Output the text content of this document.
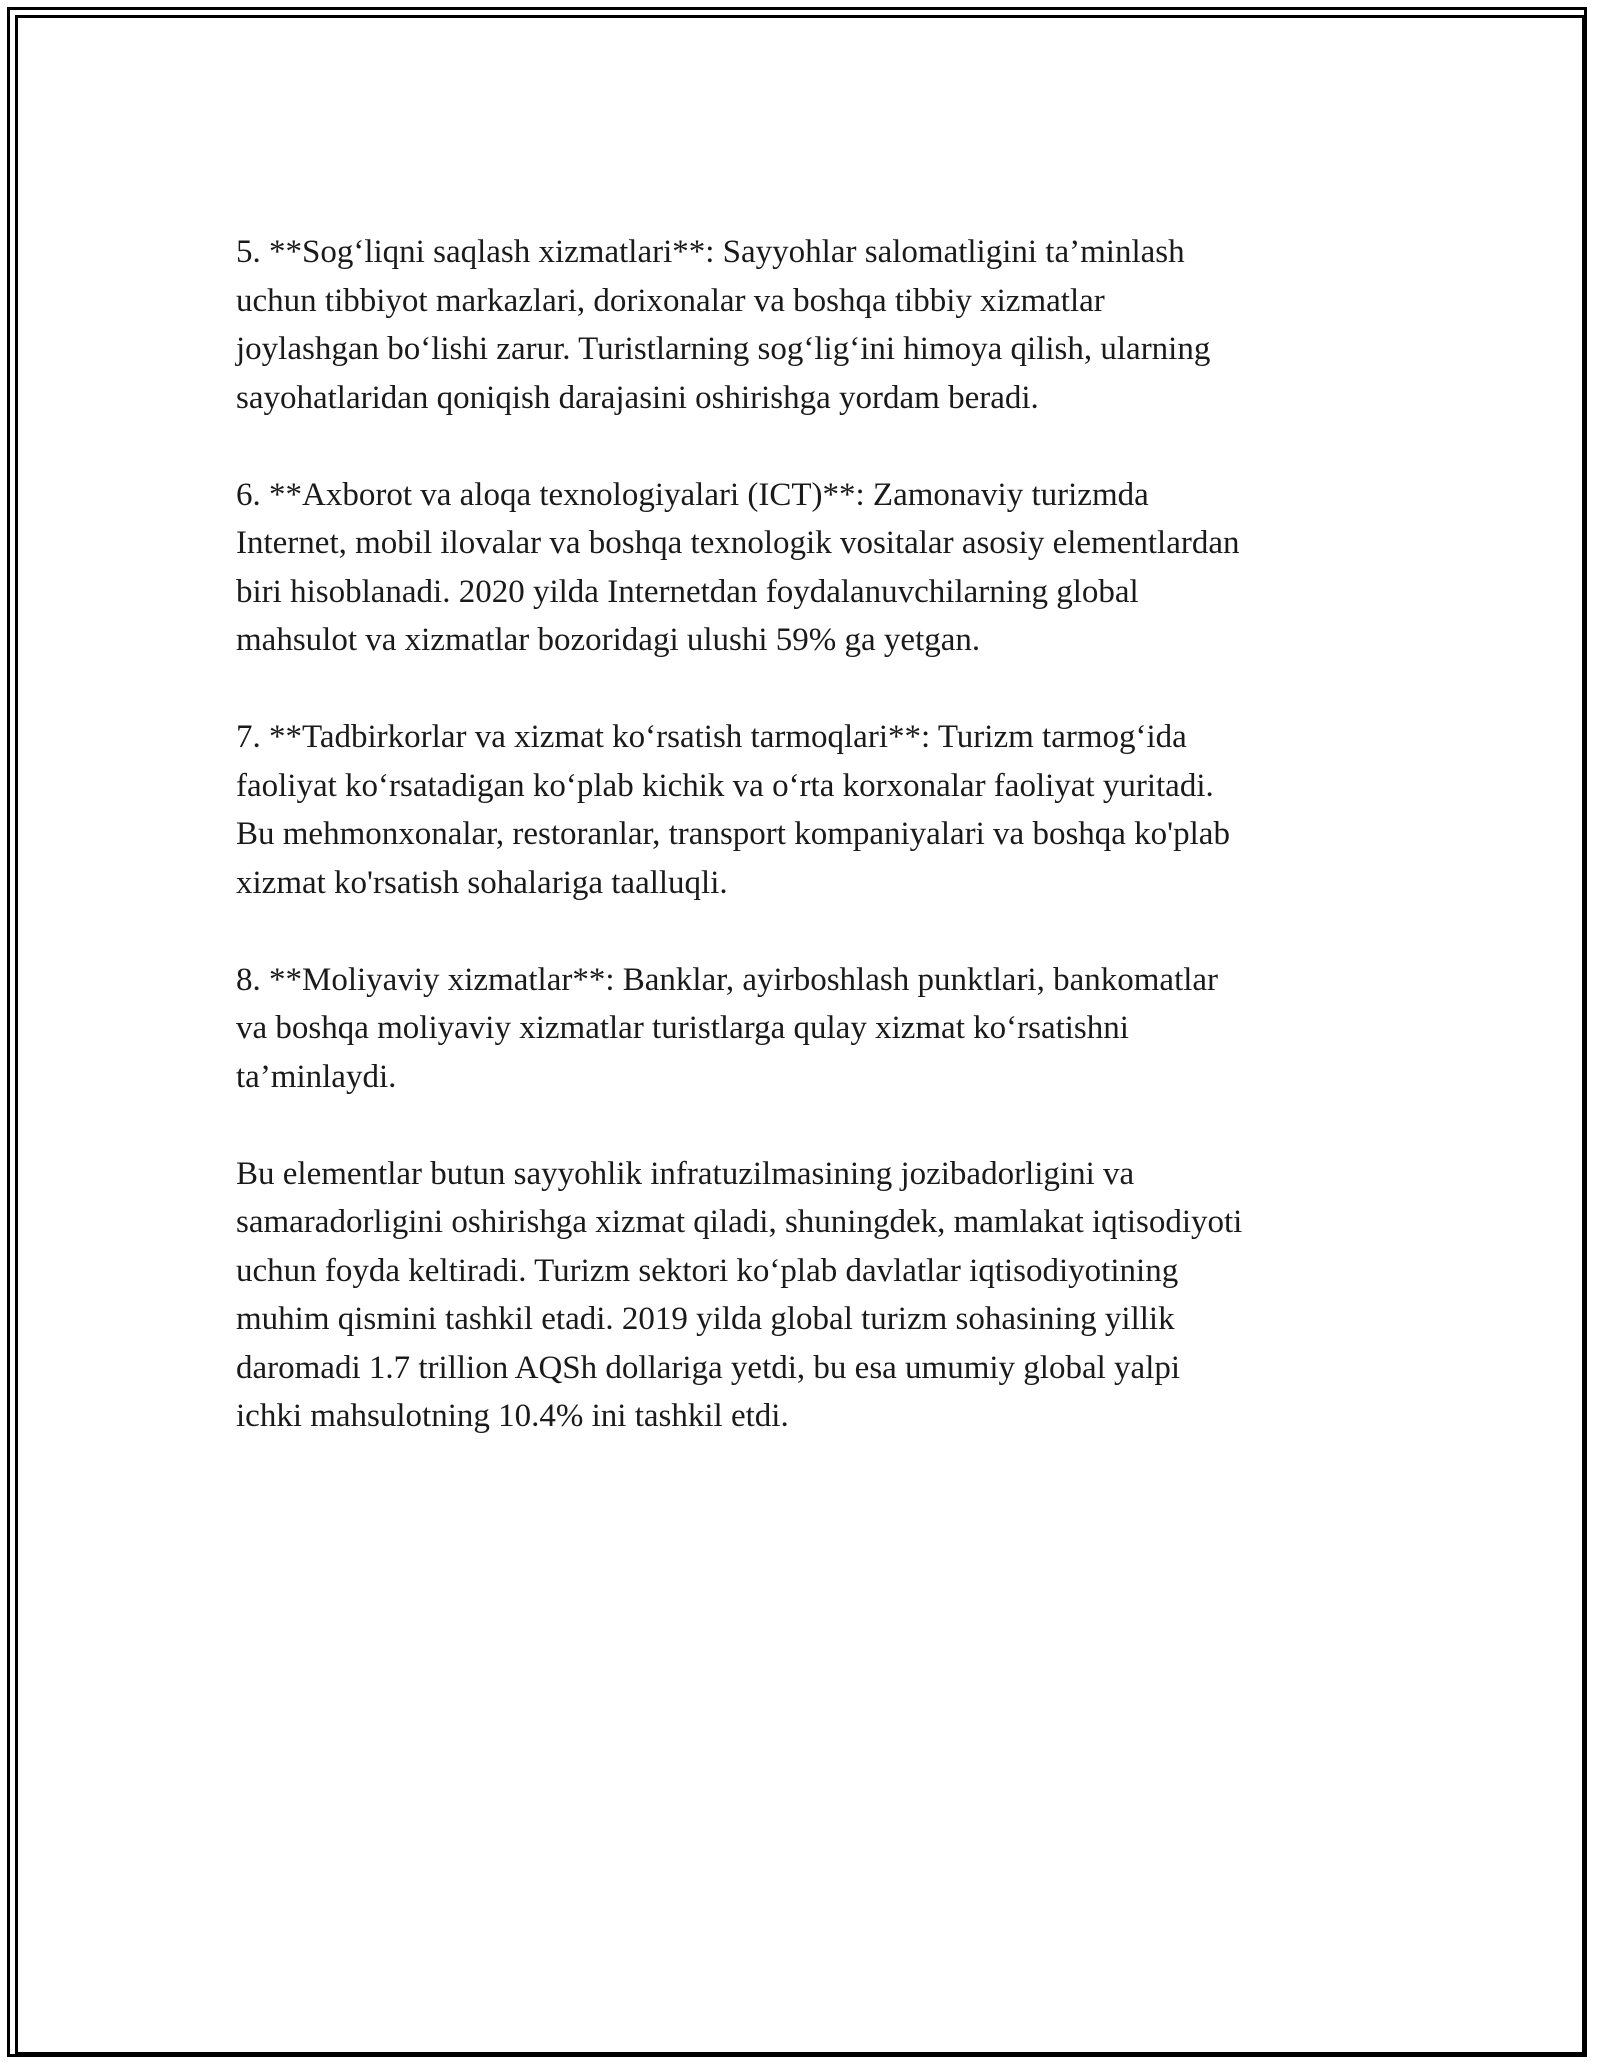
5. **Sog‘liqni saqlash xizmatlari**: Sayyohlar salomatligini ta’minlash
uchun tibbiyot markazlari, dorixonalar va boshqa tibbiy xizmatlar
joylashgan bo‘lishi zarur. Turistlarning sog‘lig‘ini himoya qilish, ularning
sayohatlaridan qoniqish darajasini oshirishga yordam beradi.

6. **Axborot va aloqa texnologiyalari (ICT)**: Zamonaviy turizmda
Internet, mobil ilovalar va boshqa texnologik vositalar asosiy elementlardan
biri hisoblanadi. 2020 yilda Internetdan foydalanuvchilarning global
mahsulot va xizmatlar bozoridagi ulushi 59% ga yetgan.

7. **Tadbirkorlar va xizmat ko‘rsatish tarmoqlari**: Turizm tarmog‘ida
faoliyat ko‘rsatadigan ko‘plab kichik va o‘rta korxonalar faoliyat yuritadi.
Bu mehmonxonalar, restoranlar, transport kompaniyalari va boshqa ko'plab
xizmat ko'rsatish sohalariga taalluqli.

8. **Moliyaviy xizmatlar**: Banklar, ayirboshlash punktlari, bankomatlar
va boshqa moliyaviy xizmatlar turistlarga qulay xizmat ko‘rsatishni
ta’minlaydi.

Bu elementlar butun sayyohlik infratuzilmasining jozibadorligini va
samaradorligini oshirishga xizmat qiladi, shuningdek, mamlakat iqtisodiyoti
uchun foyda keltiradi. Turizm sektori ko‘plab davlatlar iqtisodiyotining
muhim qismini tashkil etadi. 2019 yilda global turizm sohasining yillik
daromadi 1.7 trillion AQSh dollariga yetdi, bu esa umumiy global yalpi
ichki mahsulotning 10.4% ini tashkil etdi.
